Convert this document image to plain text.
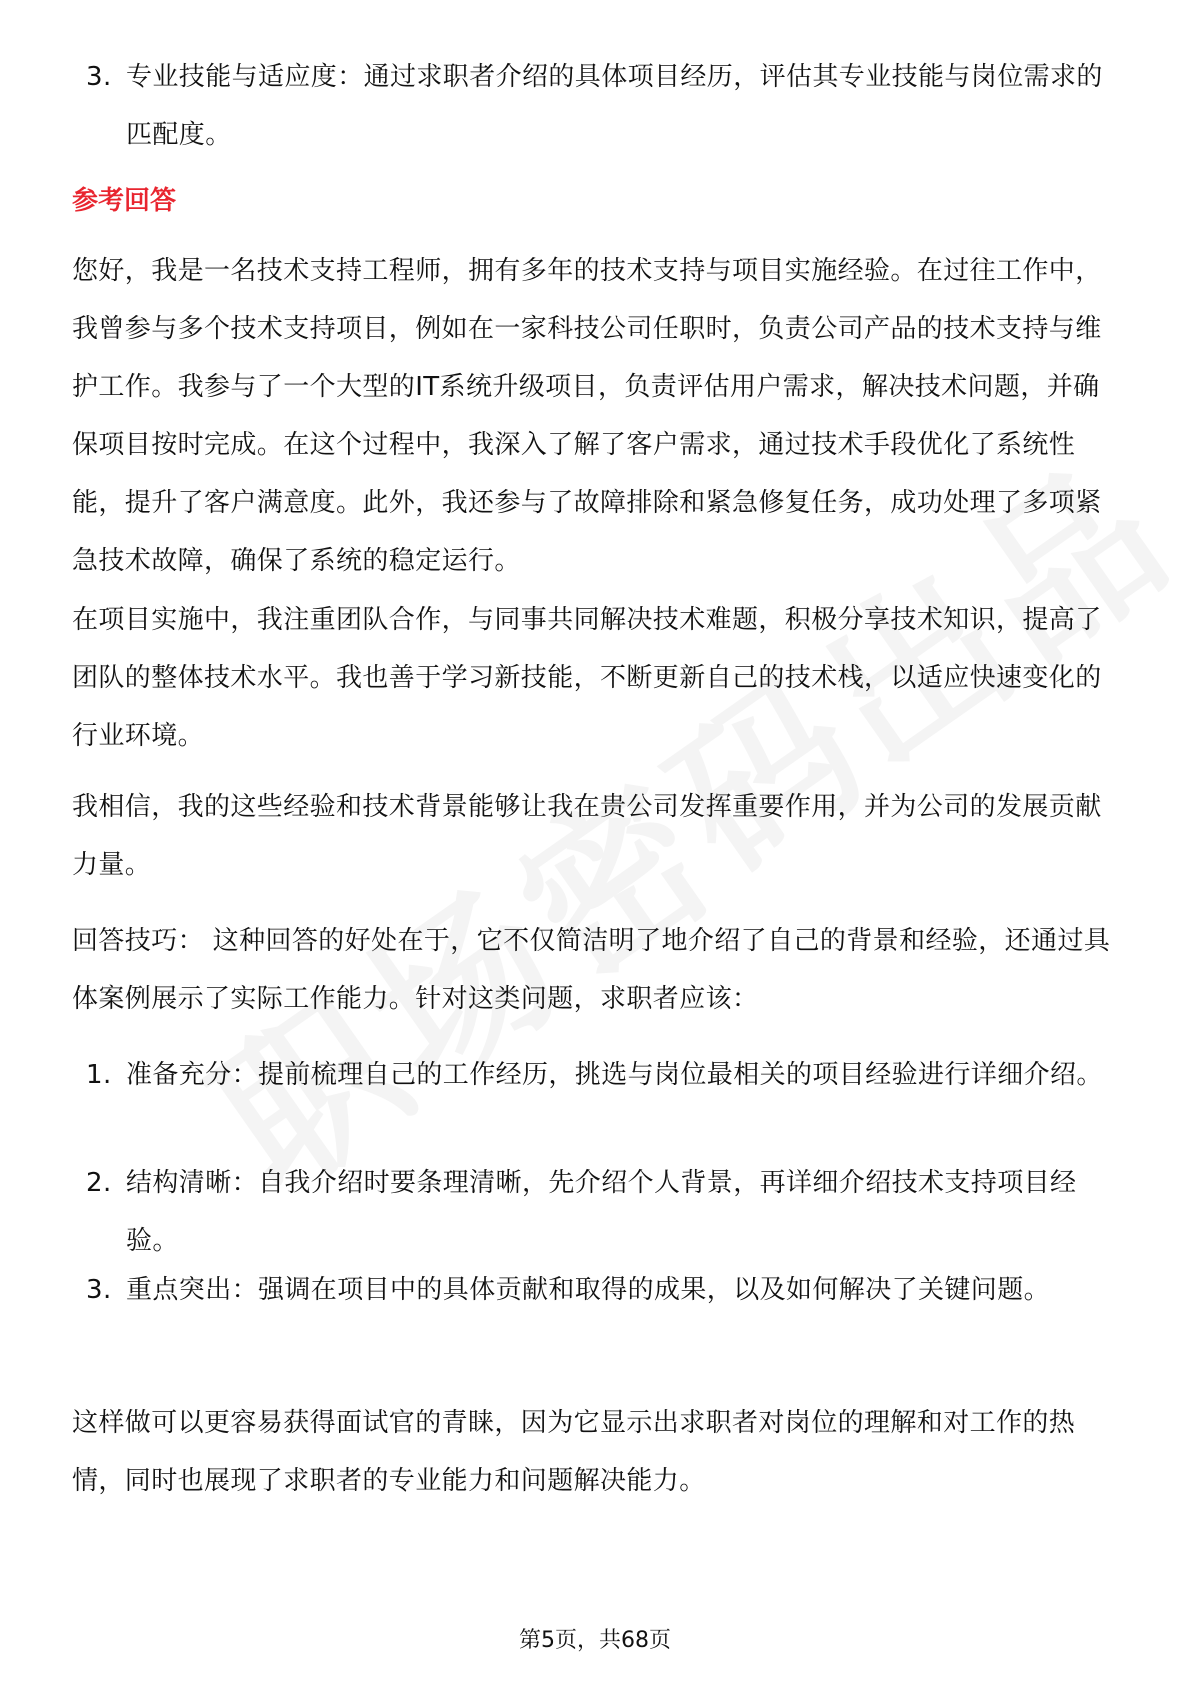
3. 专业技能与适应度：通过求职者介绍的具体项目经历，评估其专业技能与岗位需求的匹配度。
参考回答
您好，我是一名技术支持工程师，拥有多年的技术支持与项目实施经验。在过往工作中，我曾参与多个技术支持项目，例如在一家科技公司任职时，负责公司产品的技术支持与维护工作。我参与了一个大型的IT系统升级项目，负责评估用户需求，解决技术问题，并确保项目按时完成。在这个过程中，我深入了解了客户需求，通过技术手段优化了系统性能，提升了客户满意度。此外，我还参与了故障排除和紧急修复任务，成功处理了多项紧急技术故障，确保了系统的稳定运行。
在项目实施中，我注重团队合作，与同事共同解决技术难题，积极分享技术知识，提高了团队的整体技术水平。我也善于学习新技能，不断更新自己的技术栈，以适应快速变化的行业环境。
我相信，我的这些经验和技术背景能够让我在贵公司发挥重要作用，并为公司的发展贡献力量。
回答技巧： 这种回答的好处在于，它不仅简洁明了地介绍了自己的背景和经验，还通过具体案例展示了实际工作能力。针对这类问题，求职者应该：
1. 准备充分：提前梳理自己的工作经历，挑选与岗位最相关的项目经验进行详细介绍。
2. 结构清晰：自我介绍时要条理清晰，先介绍个人背景，再详细介绍技术支持项目经验。
3. 重点突出：强调在项目中的具体贡献和取得的成果，以及如何解决了关键问题。
这样做可以更容易获得面试官的青睐，因为它显示出求职者对岗位的理解和对工作的热情，同时也展现了求职者的专业能力和问题解决能力。
第5页，共68页
